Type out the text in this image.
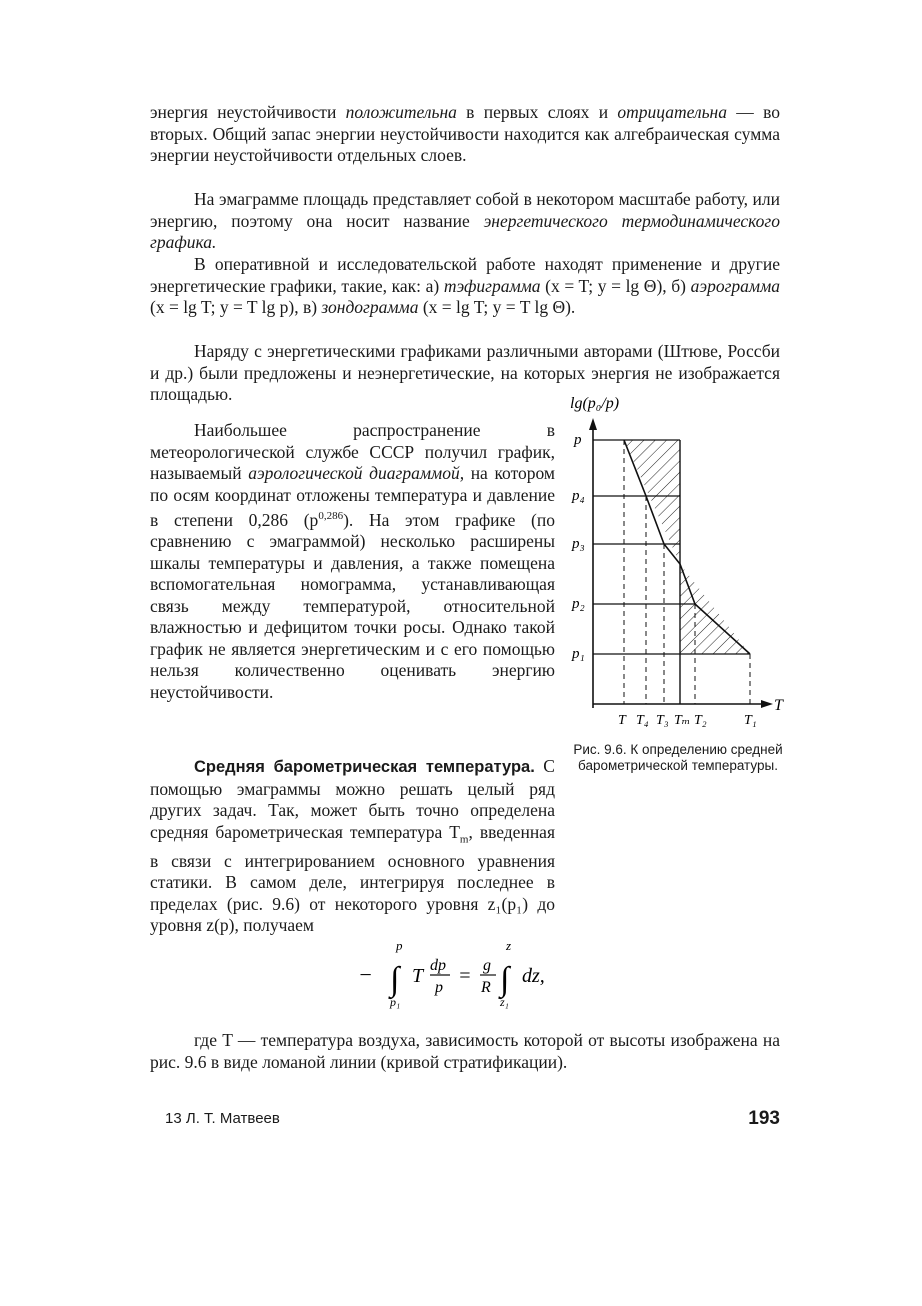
энергия неустойчивости положительна в первых слоях и отрицательна — во вторых. Общий запас энергии неустойчивости находится как алгебраическая сумма энергии неустойчивости отдельных слоев.

На эмаграмме площадь представляет собой в некотором масштабе работу, или энергию, поэтому она носит название энергетического термодинамического графика.

В оперативной и исследовательской работе находят применение и другие энергетические графики, такие, как: а) тэфиграмма (x = T; y = lg Θ), б) аэрограмма (x = lg T; y = T lg p), в) зондограмма (x = lg T; y = T lg Θ).

Наряду с энергетическими графиками различными авторами (Штюве, Россби и др.) были предложены и неэнергетические, на которых энергия не изображается площадью.

Наибольшее распространение в метеорологической службе СССР получил график, называемый аэрологической диаграммой, на котором по осям координат отложены температура и давление в степени 0,286 $(p^{0,286})$. На этом графике (по сравнению с эмаграммой) несколько расширены шкалы температуры и давления, а также помещена вспомогательная номограмма, устанавливающая связь между температурой, относительной влажностью и дефицитом точки росы. Однако такой график не является энергетическим и с его помощью нельзя количественно оценивать энергию неустойчивости.

Средняя барометрическая температура. С помощью эмаграммы можно решать целый ряд других задач. Так, может быть точно определена средняя барометрическая температура $T_m$, введенная в связи с интегрированием основного уравнения статики. В самом деле, интегрируя последнее в пределах (рис. 9.6) от некоторого уровня z₁(p₁) до уровня z(p), получаем

lg(p₀/p)
T
p
p₄
p₃
p₂
p₁
T T₄ T₃ Tₘ T₂	T₁
Рис. 9.6. К определению средней барометрической температуры.
− ∫
p
p₁
T dp
p
= g
R ∫
z
z₁
dz,

где T — температура воздуха, зависимость которой от высоты изображена на рис. 9.6 в виде ломаной линии (кривой стратификации).

13 Л. Т. Матвеев	193
